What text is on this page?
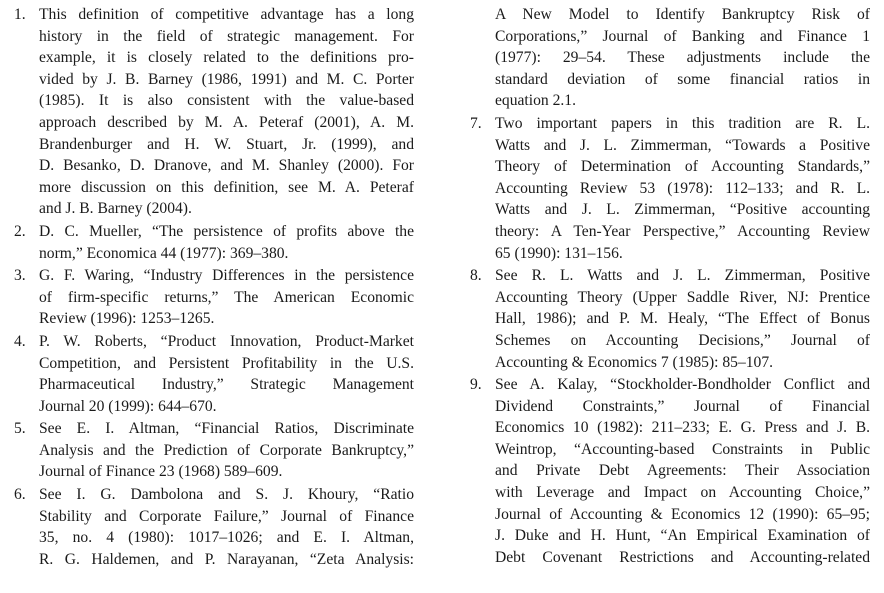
1. This definition of competitive advantage has a long
history in the field of strategic management. For
example, it is closely related to the definitions pro-
vided by J. B. Barney (1986, 1991) and M. C. Porter
(1985). It is also consistent with the value-based
approach described by M. A. Peteraf (2001), A. M.
Brandenburger and H. W. Stuart, Jr. (1999), and
D. Besanko, D. Dranove, and M. Shanley (2000). For
more discussion on this definition, see M. A. Peteraf
and J. B. Barney (2004).
2. D. C. Mueller, “The persistence of profits above the
norm,” Economica 44 (1977): 369–380.
3. G. F. Waring, “Industry Differences in the persistence
of firm-specific returns,” The American Economic
Review (1996): 1253–1265.
4. P. W. Roberts, “Product Innovation, Product-Market
Competition, and Persistent Profitability in the U.S.
Pharmaceutical Industry,” Strategic Management
Journal 20 (1999): 644–670.
5. See E. I. Altman, “Financial Ratios, Discriminate
Analysis and the Prediction of Corporate Bankruptcy,”
Journal of Finance 23 (1968) 589–609.
6. See I. G. Dambolona and S. J. Khoury, “Ratio
Stability and Corporate Failure,” Journal of Finance
35, no. 4 (1980): 1017–1026; and E. I. Altman,
R. G. Haldemen, and P. Narayanan, “Zeta Analysis:
A New Model to Identify Bankruptcy Risk of
Corporations,” Journal of Banking and Finance 1
(1977): 29–54. These adjustments include the
standard deviation of some financial ratios in
equation 2.1.
7. Two important papers in this tradition are R. L.
Watts and J. L. Zimmerman, “Towards a Positive
Theory of Determination of Accounting Standards,”
Accounting Review 53 (1978): 112–133; and R. L.
Watts and J. L. Zimmerman, “Positive accounting
theory: A Ten-Year Perspective,” Accounting Review
65 (1990): 131–156.
8. See R. L. Watts and J. L. Zimmerman, Positive
Accounting Theory (Upper Saddle River, NJ: Prentice
Hall, 1986); and P. M. Healy, “The Effect of Bonus
Schemes on Accounting Decisions,” Journal of
Accounting & Economics 7 (1985): 85–107.
9. See A. Kalay, “Stockholder-Bondholder Conflict and
Dividend Constraints,” Journal of Financial
Economics 10 (1982): 211–233; E. G. Press and J. B.
Weintrop, “Accounting-based Constraints in Public
and Private Debt Agreements: Their Association
with Leverage and Impact on Accounting Choice,”
Journal of Accounting & Economics 12 (1990): 65–95;
J. Duke and H. Hunt, “An Empirical Examination of
Debt Covenant Restrictions and Accounting-related
